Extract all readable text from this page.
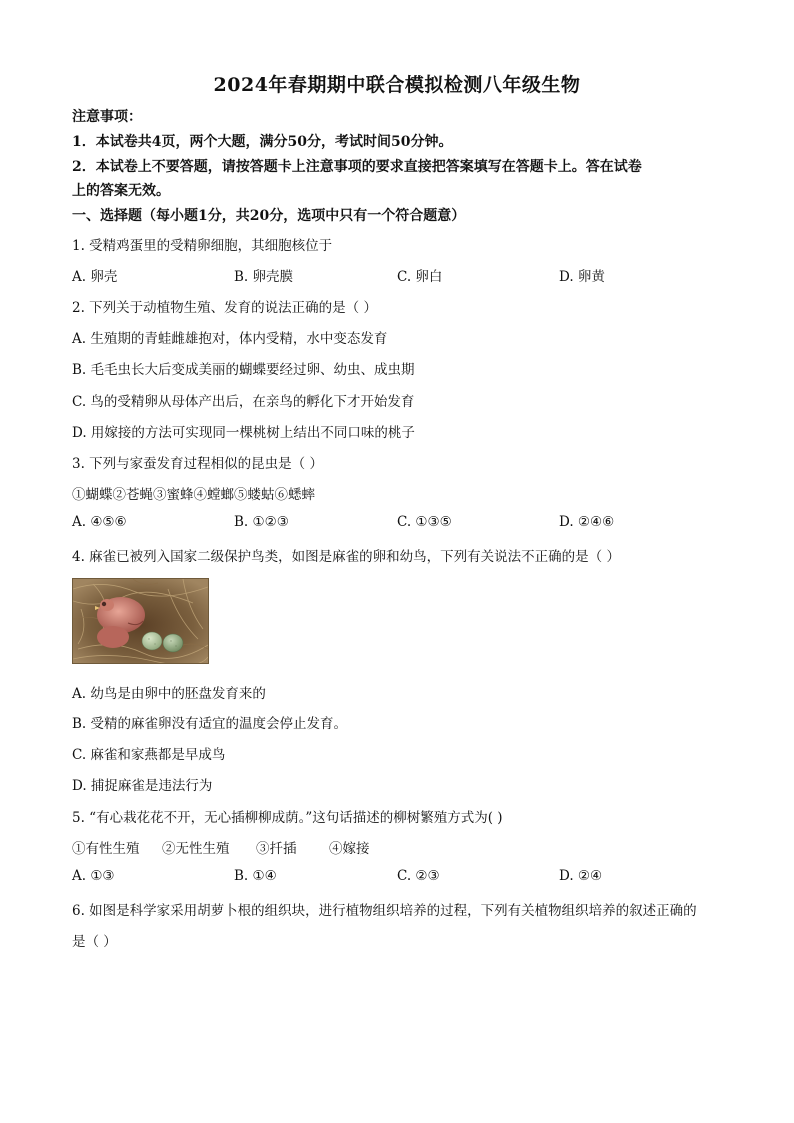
2024年春期期中联合模拟检测八年级生物
注意事项：
1．本试卷共4页，两个大题，满分50分，考试时间50分钟。
2．本试卷上不要答题，请按答题卡上注意事项的要求直接把答案填写在答题卡上。答在试卷
上的答案无效。
一、选择题（每小题1分，共20分，选项中只有一个符合题意）
1. 受精鸡蛋里的受精卵细胞，其细胞核位于
A. 卵壳	B. 卵壳膜	C. 卵白	D. 卵黄
2. 下列关于动植物生殖、发育的说法正确的是（ ）
A. 生殖期的青蛙雌雄抱对，体内受精，水中变态发育
B. 毛毛虫长大后变成美丽的蝴蝶要经过卵、幼虫、成虫期
C. 鸟的受精卵从母体产出后，在亲鸟的孵化下才开始发育
D. 用嫁接的方法可实现同一棵桃树上结出不同口味的桃子
3. 下列与家蚕发育过程相似的昆虫是（ ）
①蝴蝶②苍蝇③蜜蜂④螳螂⑤蝼蛄⑥蟋蟀
A. ④⑤⑥	B. ①②③	C. ①③⑤	D. ②④⑥
4. 麻雀已被列入国家二级保护鸟类，如图是麻雀的卵和幼鸟，下列有关说法不正确的是（ ）
A. 幼鸟是由卵中的胚盘发育来的
B. 受精的麻雀卵没有适宜的温度会停止发育。
C. 麻雀和家燕都是早成鸟
D. 捕捉麻雀是违法行为
5. “有心栽花花不开，无心插柳柳成荫。”这句话描述的柳树繁殖方式为( )
①有性生殖 ②无性生殖 ③扦插 ④嫁接
A. ①③	B. ①④	C. ②③	D. ②④
6. 如图是科学家采用胡萝卜根的组织块，进行植物组织培养的过程，下列有关植物组织培养的叙述正确的
是（ ）
